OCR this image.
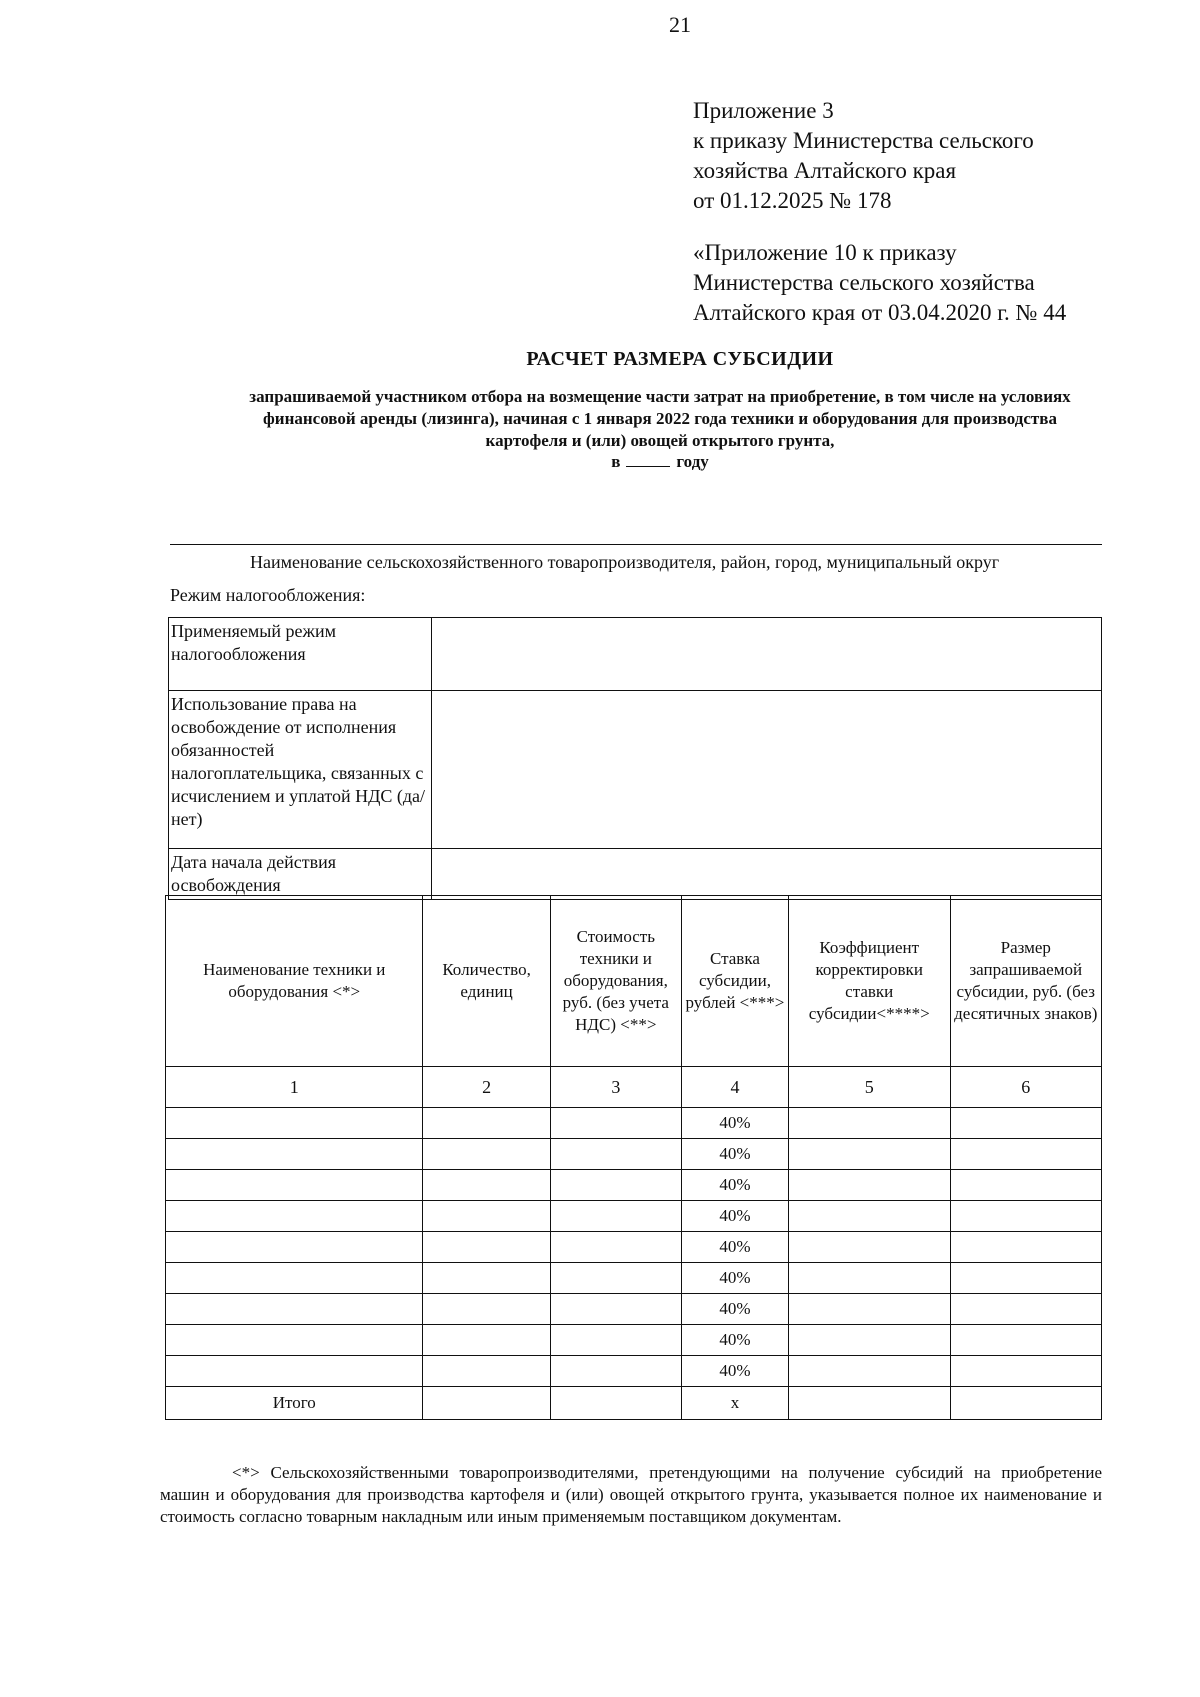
21
Приложение 3
к приказу Министерства сельского
хозяйства Алтайского края
от 01.12.2025 № 178
«Приложение 10 к приказу
Министерства сельского хозяйства
Алтайского края от 03.04.2020 г. № 44
РАСЧЕТ РАЗМЕРА СУБСИДИИ
запрашиваемой участником отбора на возмещение части затрат на приобретение, в том числе на условиях финансовой аренды (лизинга), начиная с 1 января 2022 года техники и оборудования для производства картофеля и (или) овощей открытого грунта,
в	году
Наименование сельскохозяйственного товаропроизводителя, район, город, муниципальный округ
Режим налогообложения:
Применяемый режим налогообложения	
Использование права на освобождение от исполнения обязанностей налогоплательщика, связанных с исчислением и уплатой НДС (да/нет)	
Дата начала действия освобождения	
Наименование техники и оборудования <*>	Количество, единиц	Стоимость техники и оборудования, руб. (без учета НДС) <**>	Ставка субсидии, рублей <***>	Коэффициент корректировки ставки субсидии<****>	Размер запрашиваемой субсидии, руб. (без десятичных знаков)
1	2	3	4	5	6
			40%		
			40%		
			40%		
			40%		
			40%		
			40%		
			40%		
			40%		
			40%		
Итого			x		
<*> Сельскохозяйственными товаропроизводителями, претендующими на получение субсидий на приобретение машин и оборудования для производства картофеля и (или) овощей открытого грунта, указывается полное их наименование и стоимость согласно товарным накладным или иным применяемым поставщиком документам.
